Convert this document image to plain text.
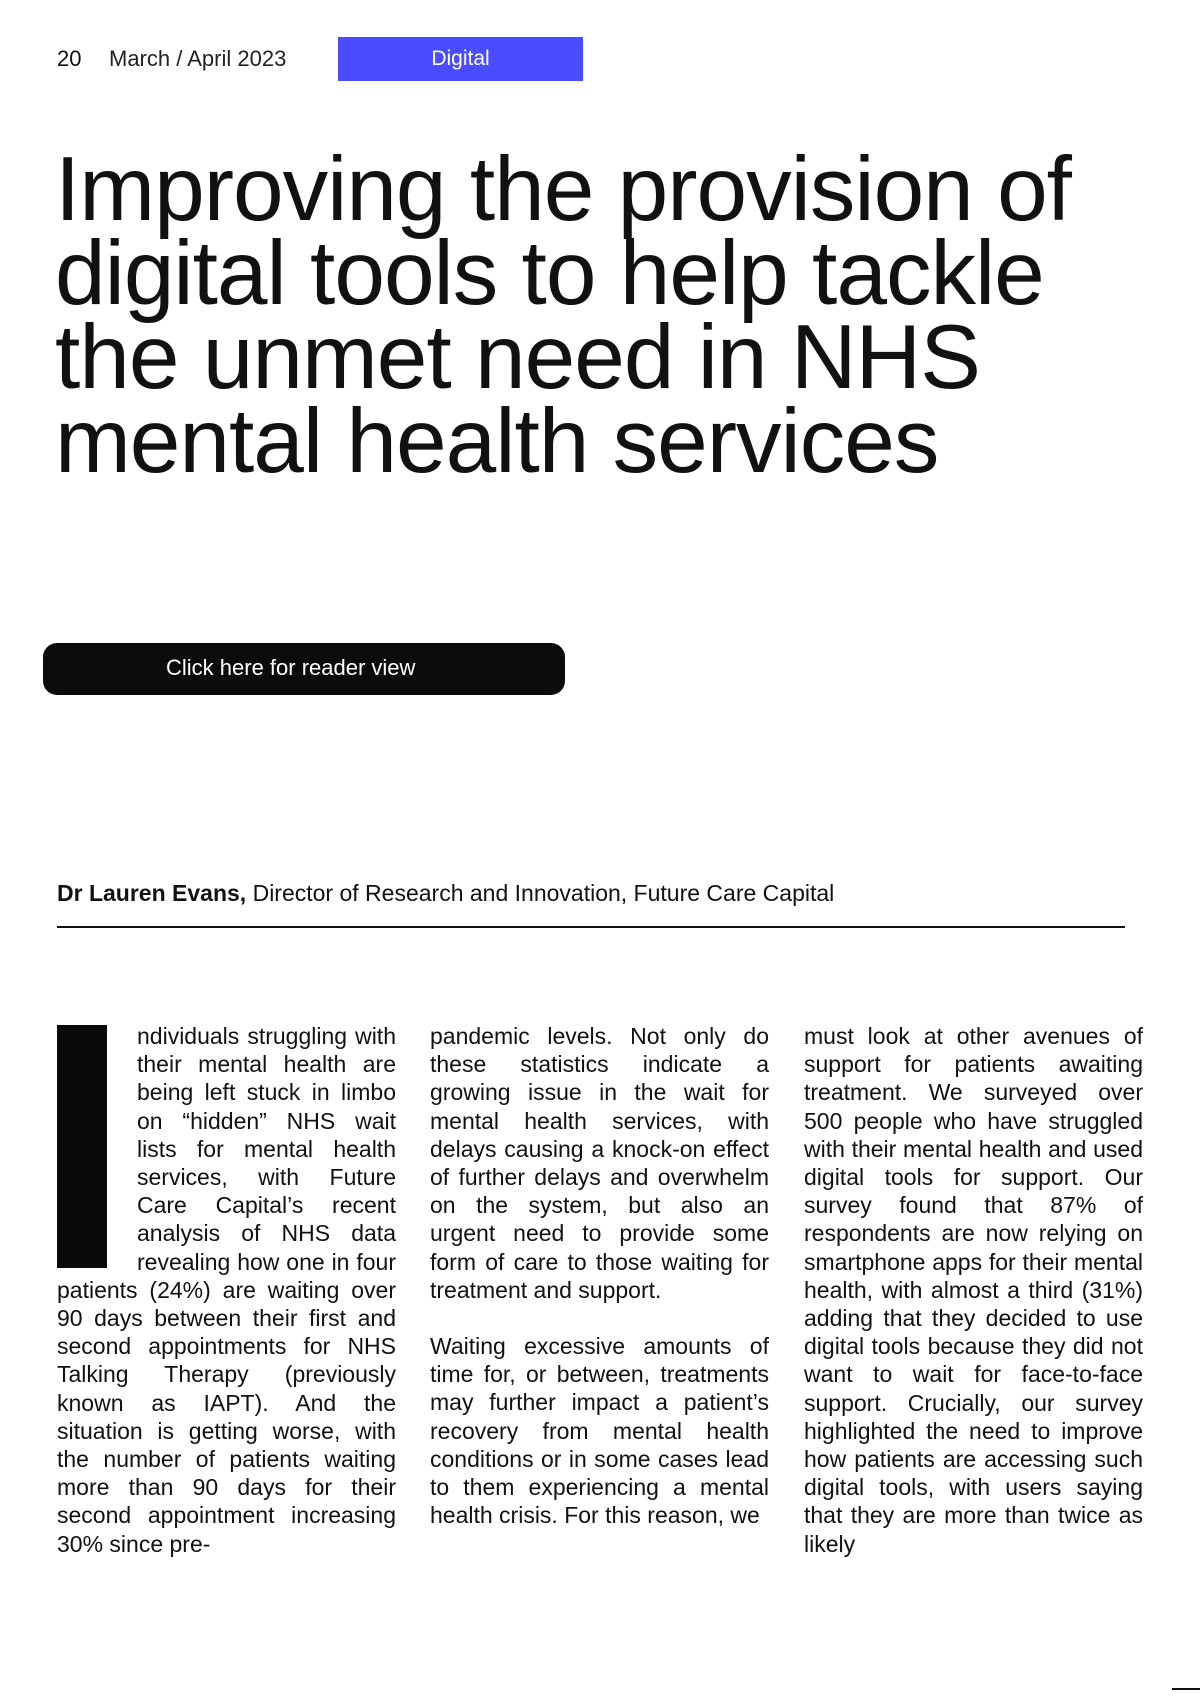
20 March / April 2023	Digital
Improving the provision of digital tools to help tackle the unmet need in NHS mental health services
Click here for reader view
Dr Lauren Evans, Director of Research and Innovation, Future Care Capital

ndividuals struggling with their mental health are being left stuck in limbo on “hidden” NHS wait lists for mental health services, with Future Care Capital’s recent analysis of NHS data revealing how one in four patients (24%) are waiting over 90 days between their first and second appointments for NHS Talking Therapy (previously known as IAPT). And the situation is getting worse, with the number of patients waiting more than 90 days for their second appointment increasing 30% since pre-

pandemic levels. Not only do these statistics indicate a growing issue in the wait for mental health services, with delays causing a knock-on effect of further delays and overwhelm on the system, but also an urgent need to provide some form of care to those waiting for treatment and support.

Waiting excessive amounts of time for, or between, treatments may further impact a patient’s recovery from mental health conditions or in some cases lead to them experiencing a mental health crisis. For this reason, we

must look at other avenues of support for patients awaiting treatment. We surveyed over 500 people who have struggled with their mental health and used digital tools for support. Our survey found that 87% of respondents are now relying on smartphone apps for their mental health, with almost a third (31%) adding that they decided to use digital tools because they did not want to wait for face-to-face support. Crucially, our survey highlighted the need to improve how patients are accessing such digital tools, with users saying that they are more than twice as likely
